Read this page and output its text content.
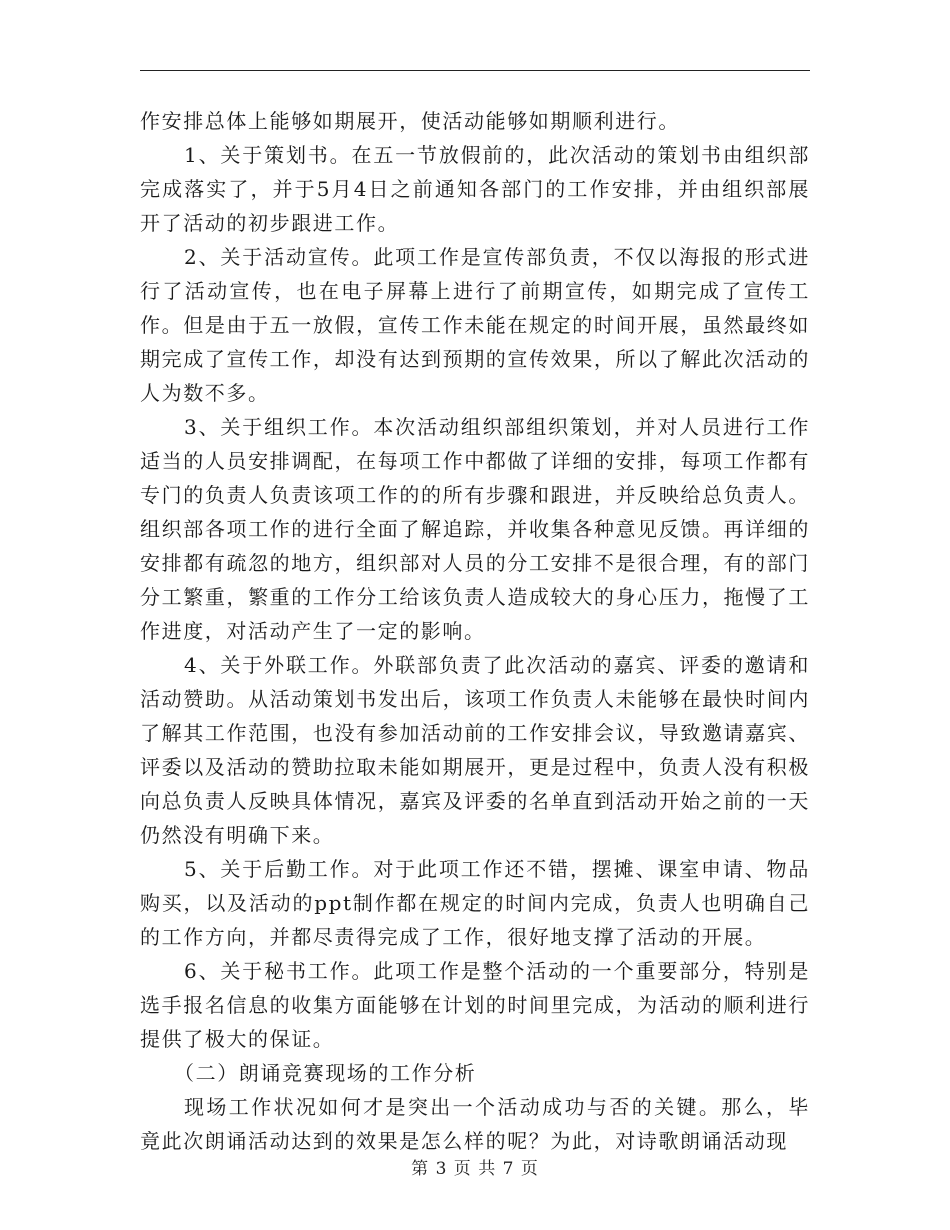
作安排总体上能够如期展开，使活动能够如期顺利进行。

1、关于策划书。在五一节放假前的，此次活动的策划书由组织部完成落实了，并于5月4日之前通知各部门的工作安排，并由组织部展开了活动的初步跟进工作。

2、关于活动宣传。此项工作是宣传部负责，不仅以海报的形式进行了活动宣传，也在电子屏幕上进行了前期宣传，如期完成了宣传工作。但是由于五一放假，宣传工作未能在规定的时间开展，虽然最终如期完成了宣传工作，却没有达到预期的宣传效果，所以了解此次活动的人为数不多。

3、关于组织工作。本次活动组织部组织策划，并对人员进行工作适当的人员安排调配，在每项工作中都做了详细的安排，每项工作都有专门的负责人负责该项工作的的所有步骤和跟进，并反映给总负责人。组织部各项工作的进行全面了解追踪，并收集各种意见反馈。再详细的安排都有疏忽的地方，组织部对人员的分工安排不是很合理，有的部门分工繁重，繁重的工作分工给该负责人造成较大的身心压力，拖慢了工作进度，对活动产生了一定的影响。

4、关于外联工作。外联部负责了此次活动的嘉宾、评委的邀请和活动赞助。从活动策划书发出后，该项工作负责人未能够在最快时间内了解其工作范围，也没有参加活动前的工作安排会议，导致邀请嘉宾、评委以及活动的赞助拉取未能如期展开，更是过程中，负责人没有积极向总负责人反映具体情况，嘉宾及评委的名单直到活动开始之前的一天仍然没有明确下来。

5、关于后勤工作。对于此项工作还不错，摆摊、课室申请、物品购买，以及活动的ppt制作都在规定的时间内完成，负责人也明确自己的工作方向，并都尽责得完成了工作，很好地支撑了活动的开展。

6、关于秘书工作。此项工作是整个活动的一个重要部分，特别是选手报名信息的收集方面能够在计划的时间里完成，为活动的顺利进行提供了极大的保证。

（二）朗诵竞赛现场的工作分析

现场工作状况如何才是突出一个活动成功与否的关键。那么，毕竟此次朗诵活动达到的效果是怎么样的呢？为此，对诗歌朗诵活动现

第 3 页 共 7 页
